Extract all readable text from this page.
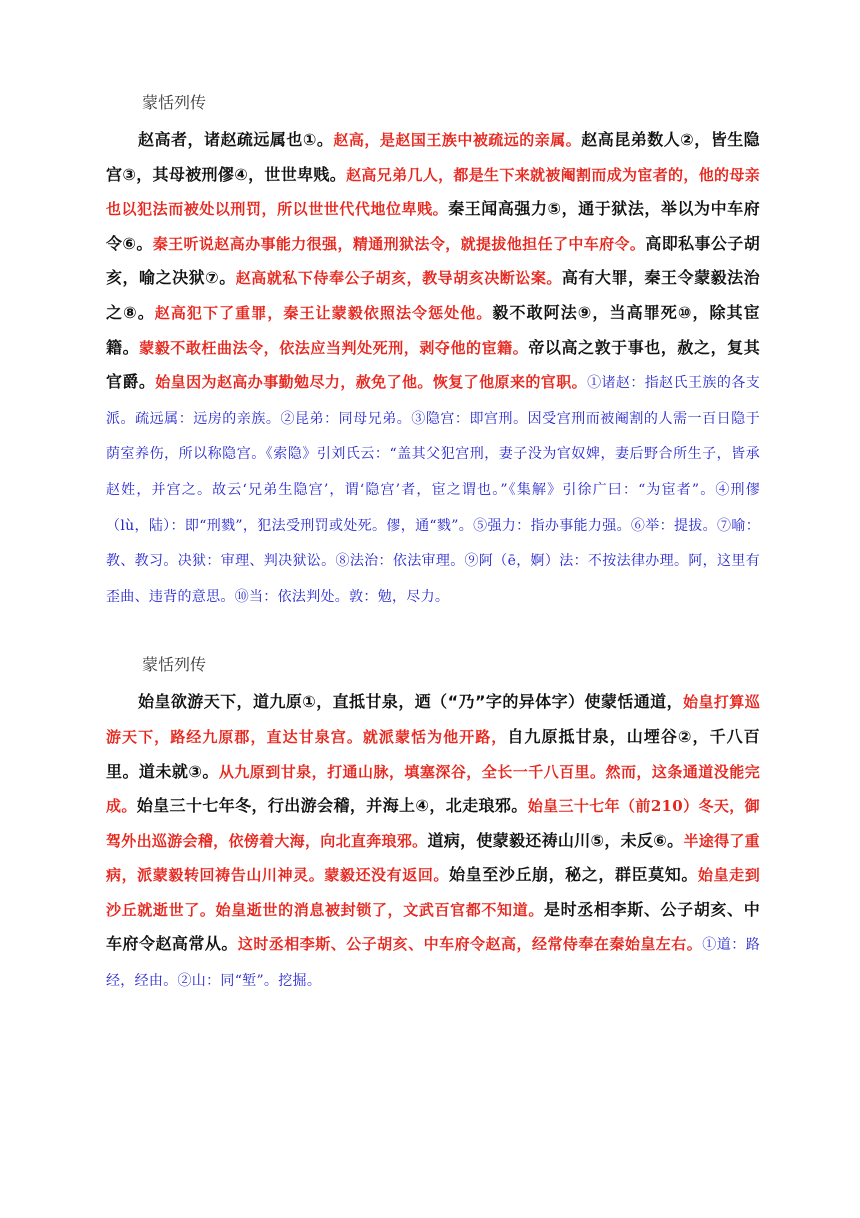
蒙恬列传

赵高者，诸赵疏远属也①。赵高，是赵国王族中被疏远的亲属。赵高昆弟数人②，皆生隐宫③，其母被刑僇④，世世卑贱。赵高兄弟几人，都是生下来就被阉割而成为宦者的，他的母亲也以犯法而被处以刑罚，所以世世代代地位卑贱。秦王闻高强力⑤，通于狱法，举以为中车府令⑥。秦王听说赵高办事能力很强，精通刑狱法令，就提拔他担任了中车府令。高即私事公子胡亥，喻之决狱⑦。赵高就私下侍奉公子胡亥，教导胡亥决断讼案。高有大罪，秦王令蒙毅法治之⑧。赵高犯下了重罪，秦王让蒙毅依照法令惩处他。毅不敢阿法⑨，当高罪死⑩，除其宦籍。蒙毅不敢枉曲法令，依法应当判处死刑，剥夺他的宦籍。帝以高之敦于事也，赦之，复其官爵。始皇因为赵高办事勤勉尽力，赦免了他。恢复了他原来的官职。①诸赵：指赵氏王族的各支派。疏远属：远房的亲族。②昆弟：同母兄弟。③隐宫：即宫刑。因受宫刑而被阉割的人需一百日隐于荫室养伤，所以称隐宫。《索隐》引刘氏云：“盖其父犯宫刑，妻子没为官奴婢，妻后野合所生子，皆承赵姓，并宫之。故云‘兄弟生隐宫’，谓‘隐宫’者，宦之谓也。”《集解》引徐广曰：“为宦者”。④刑僇（lù，陆）：即“刑戮”，犯法受刑罚或处死。僇，通“戮”。⑤强力：指办事能力强。⑥举：提拔。⑦喻：教、教习。决狱：审理、判决狱讼。⑧法治：依法审理。⑨阿（ē，婀）法：不按法律办理。阿，这里有歪曲、违背的意思。⑩当：依法判处。敦：勉，尽力。

蒙恬列传

始皇欲游天下，道九原①，直抵甘泉，迺（“乃”字的异体字）使蒙恬通道，始皇打算巡游天下，路经九原郡，直达甘泉宫。就派蒙恬为他开路，自九原抵甘泉，山堙谷②，千八百里。道未就③。从九原到甘泉，打通山脉，填塞深谷，全长一千八百里。然而，这条通道没能完成。始皇三十七年冬，行出游会稽，并海上④，北走琅邪。始皇三十七年（前210）冬天，御驾外出巡游会稽，依傍着大海，向北直奔琅邪。道病，使蒙毅还祷山川⑤，未反⑥。半途得了重病，派蒙毅转回祷告山川神灵。蒙毅还没有返回。始皇至沙丘崩，秘之，群臣莫知。始皇走到沙丘就逝世了。始皇逝世的消息被封锁了，文武百官都不知道。是时丞相李斯、公子胡亥、中车府令赵高常从。这时丞相李斯、公子胡亥、中车府令赵高，经常侍奉在秦始皇左右。①道：路经，经由。②山：同“堑”。挖掘。
